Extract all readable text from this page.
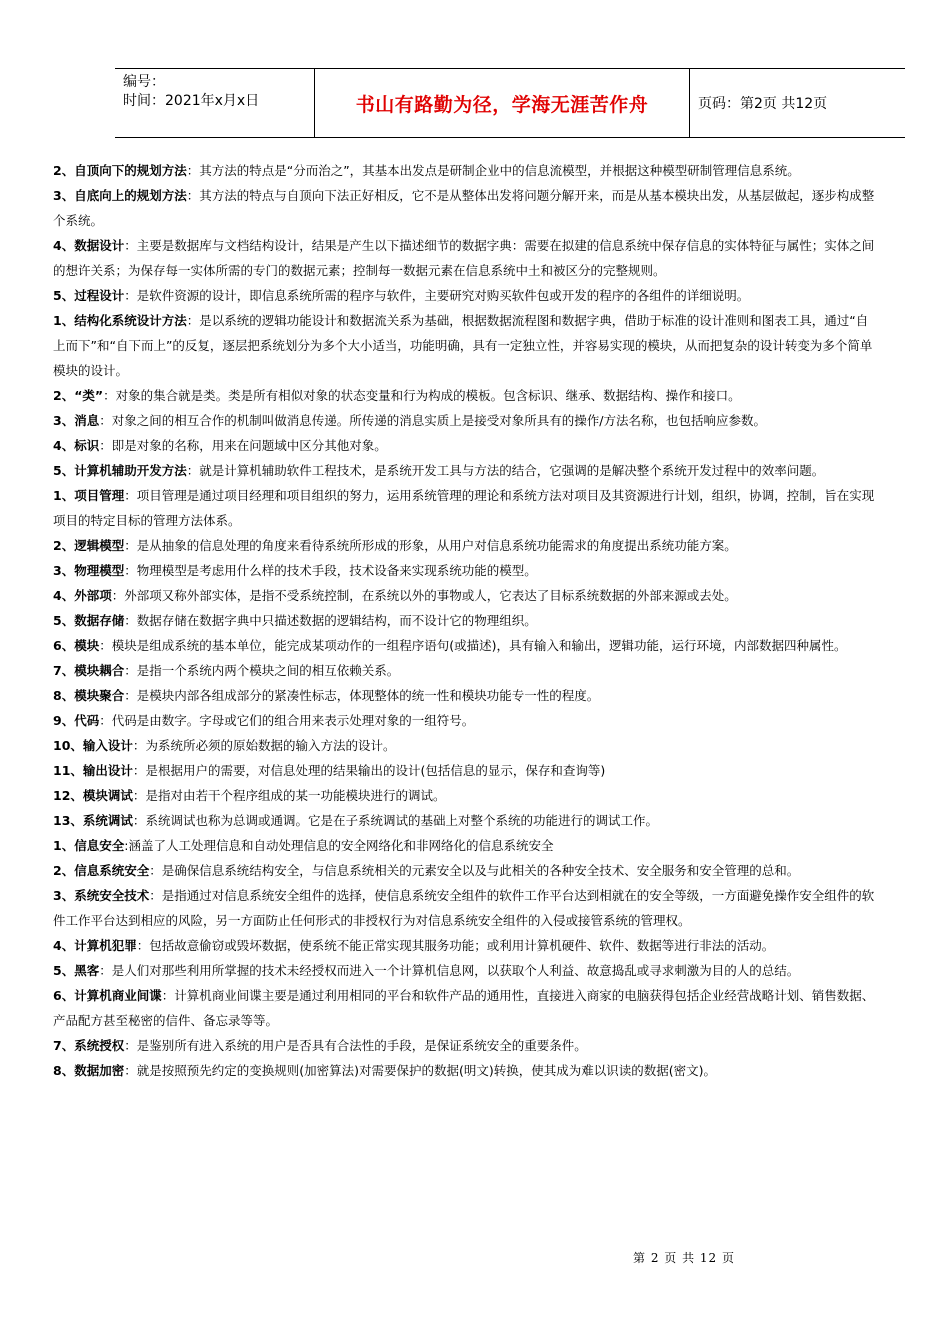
编号：
时间：2021年x月x日	书山有路勤为径，学海无涯苦作舟	页码：第2页 共12页

2、自顶向下的规划方法：其方法的特点是“分而治之”，其基本出发点是研制企业中的信息流模型，并根据这种模型研制管理信息系统。

3、自底向上的规划方法：其方法的特点与自顶向下法正好相反，它不是从整体出发将问题分解开来，而是从基本模块出发，从基层做起，逐步构成整个系统。

4、数据设计：主要是数据库与文档结构设计，结果是产生以下描述细节的数据字典：需要在拟建的信息系统中保存信息的实体特征与属性；实体之间的想许关系；为保存每一实体所需的专门的数据元素；控制每一数据元素在信息系统中土和被区分的完整规则。

5、过程设计：是软件资源的设计，即信息系统所需的程序与软件，主要研究对购买软件包或开发的程序的各组件的详细说明。

1、结构化系统设计方法：是以系统的逻辑功能设计和数据流关系为基础，根据数据流程图和数据字典，借助于标准的设计准则和图表工具，通过“自上而下”和“自下而上”的反复，逐层把系统划分为多个大小适当，功能明确，具有一定独立性，并容易实现的模块，从而把复杂的设计转变为多个简单模块的设计。

2、“类”：对象的集合就是类。类是所有相似对象的状态变量和行为构成的模板。包含标识、继承、数据结构、操作和接口。

3、消息：对象之间的相互合作的机制叫做消息传递。所传递的消息实质上是接受对象所具有的操作/方法名称，也包括响应参数。

4、标识：即是对象的名称，用来在问题域中区分其他对象。

5、计算机辅助开发方法：就是计算机辅助软件工程技术，是系统开发工具与方法的结合，它强调的是解决整个系统开发过程中的效率问题。

1、项目管理：项目管理是通过项目经理和项目组织的努力，运用系统管理的理论和系统方法对项目及其资源进行计划，组织，协调，控制，旨在实现项目的特定目标的管理方法体系。

2、逻辑模型：是从抽象的信息处理的角度来看待系统所形成的形象，从用户对信息系统功能需求的角度提出系统功能方案。

3、物理模型：物理模型是考虑用什么样的技术手段，技术设备来实现系统功能的模型。

4、外部项：外部项又称外部实体，是指不受系统控制，在系统以外的事物或人，它表达了目标系统数据的外部来源或去处。

5、数据存储：数据存储在数据字典中只描述数据的逻辑结构，而不设计它的物理组织。

6、模块：模块是组成系统的基本单位，能完成某项动作的一组程序语句(或描述)，具有输入和输出，逻辑功能，运行环境，内部数据四种属性。

7、模块耦合：是指一个系统内两个模块之间的相互依赖关系。

8、模块聚合：是模块内部各组成部分的紧凑性标志，体现整体的统一性和模块功能专一性的程度。

9、代码：代码是由数字。字母或它们的组合用来表示处理对象的一组符号。

10、输入设计：为系统所必须的原始数据的输入方法的设计。

11、输出设计：是根据用户的需要，对信息处理的结果输出的设计(包括信息的显示，保存和查询等)

12、模块调试：是指对由若干个程序组成的某一功能模块进行的调试。

13、系统调试：系统调试也称为总调或通调。它是在子系统调试的基础上对整个系统的功能进行的调试工作。

1、信息安全:涵盖了人工处理信息和自动处理信息的安全网络化和非网络化的信息系统安全

2、信息系统安全：是确保信息系统结构安全，与信息系统相关的元素安全以及与此相关的各种安全技术、安全服务和安全管理的总和。

3、系统安全技术：是指通过对信息系统安全组件的选择，使信息系统安全组件的软件工作平台达到相就在的安全等级，一方面避免操作安全组件的软件工作平台达到相应的风险，另一方面防止任何形式的非授权行为对信息系统安全组件的入侵或接管系统的管理权。

4、计算机犯罪：包括故意偷窃或毁坏数据，使系统不能正常实现其服务功能；或利用计算机硬件、软件、数据等进行非法的活动。

5、黑客：是人们对那些利用所掌握的技术未经授权而进入一个计算机信息网，以获取个人利益、故意捣乱或寻求刺激为目的人的总结。

6、计算机商业间谍：计算机商业间谍主要是通过利用相同的平台和软件产品的通用性，直接进入商家的电脑获得包括企业经营战略计划、销售数据、产品配方甚至秘密的信件、备忘录等等。

7、系统授权：是鉴别所有进入系统的用户是否具有合法性的手段，是保证系统安全的重要条件。

8、数据加密：就是按照预先约定的变换规则(加密算法)对需要保护的数据(明文)转换，使其成为难以识读的数据(密文)。

第 2 页 共 12 页
